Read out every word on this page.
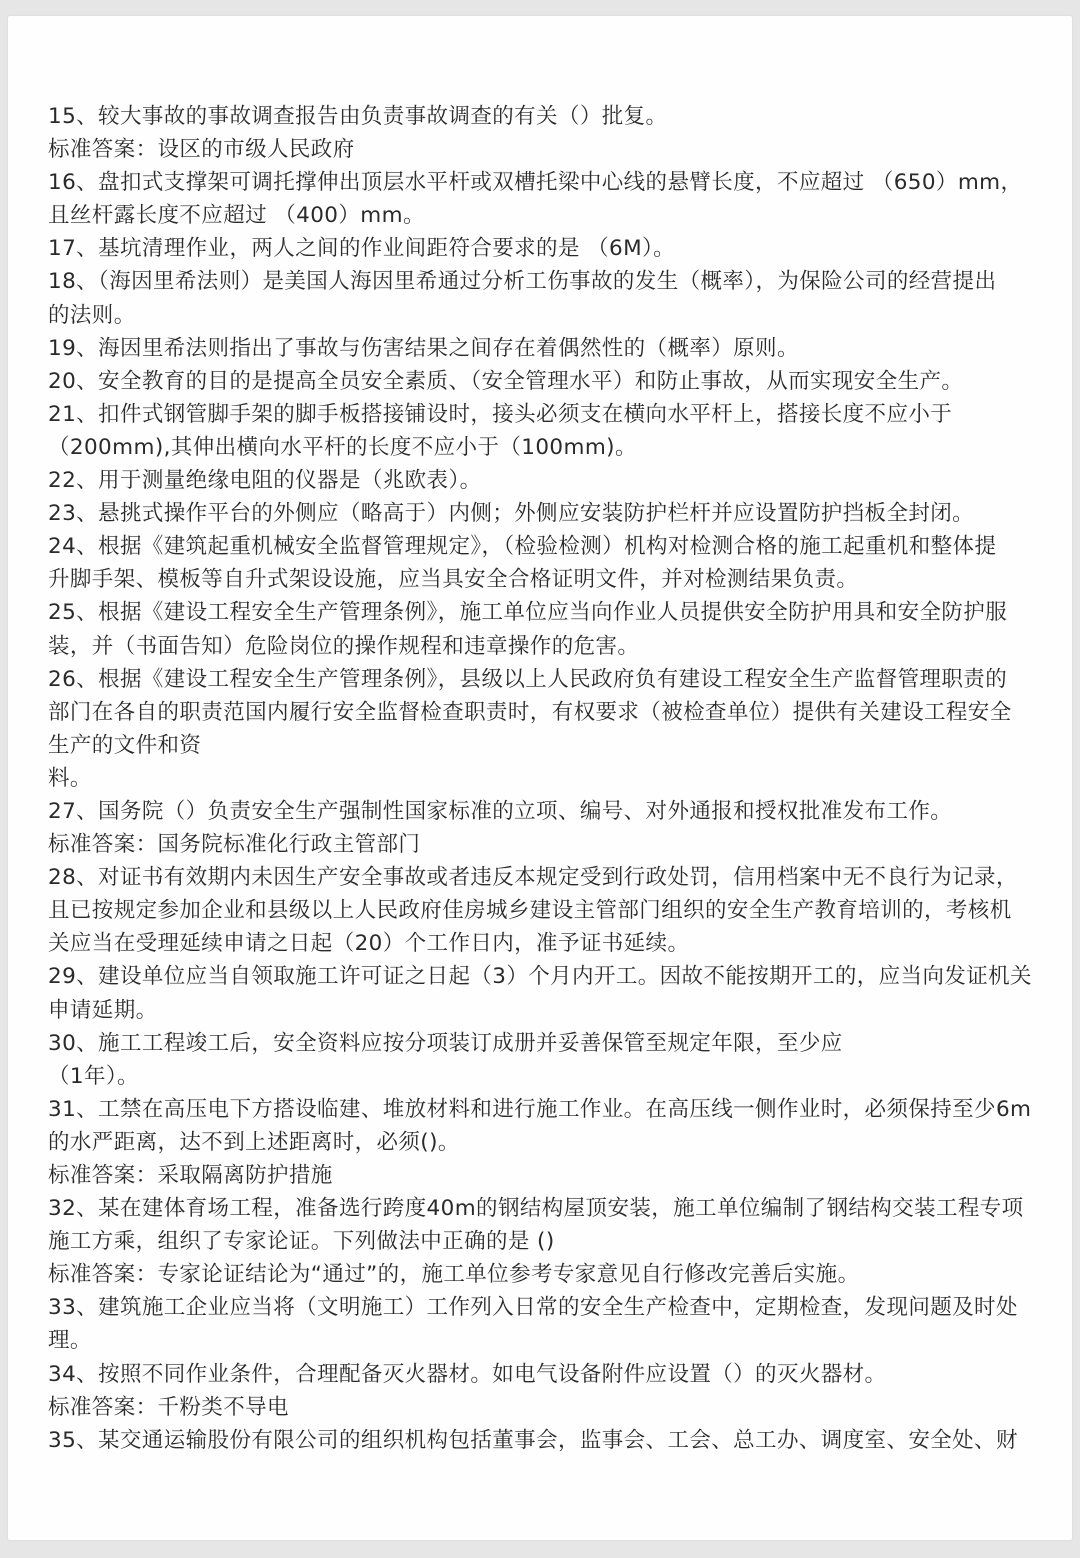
15、较大事故的事故调查报告由负责事故调查的有关（）批复。
标准答案：设区的市级人民政府
16、盘扣式支撑架可调托撑伸出顶层水平杆或双槽托梁中心线的悬臂长度，不应超过 （650）mm，
且丝杆露长度不应超过 （400）mm。
17、基坑清理作业，两人之间的作业间距符合要求的是 （6M）。
18、（海因里希法则）是美国人海因里希通过分析工伤事故的发生（概率），为保险公司的经营提出
的法则。
19、海因里希法则指出了事故与伤害结果之间存在着偶然性的（概率）原则。
20、安全教育的目的是提高全员安全素质、（安全管理水平）和防止事故，从而实现安全生产。
21、扣件式钢管脚手架的脚手板搭接铺设时，接头必须支在横向水平杆上，搭接长度不应小于
（200mm),其伸出横向水平杆的长度不应小于（100mm)。
22、用于测量绝缘电阻的仪器是（兆欧表）。
23、悬挑式操作平台的外侧应（略高于）内侧；外侧应安装防护栏杆并应设置防护挡板全封闭。
24、根据《建筑起重机械安全监督管理规定》，（检验检测）机构对检测合格的施工起重机和整体提
升脚手架、模板等自升式架设设施，应当具安全合格证明文件，并对检测结果负责。
25、根据《建设工程安全生产管理条例》，施工单位应当向作业人员提供安全防护用具和安全防护服
装，并（书面告知）危险岗位的操作规程和违章操作的危害。
26、根据《建设工程安全生产管理条例》，县级以上人民政府负有建设工程安全生产监督管理职责的
部门在各自的职责范国内履行安全监督检查职责时，有权要求（被检查单位）提供有关建设工程安全
生产的文件和资
料。
27、国务院（）负责安全生产强制性国家标准的立项、编号、对外通报和授权批准发布工作。
标准答案：国务院标准化行政主管部门
28、对证书有效期内未因生产安全事故或者违反本规定受到行政处罚，信用档案中无不良行为记录，
且已按规定参加企业和县级以上人民政府佳房城乡建设主管部门组织的安全生产教育培训的，考核机
关应当在受理延续申请之日起（20）个工作日内，准予证书延续。
29、建设单位应当自领取施工许可证之日起（3）个月内开工。因故不能按期开工的，应当向发证机关
申请延期。
30、施工工程竣工后，安全资料应按分项装订成册并妥善保管至规定年限，至少应
（1年）。
31、工禁在高压电下方搭设临建、堆放材料和进行施工作业。在高压线一侧作业时，必须保持至少6m
的水严距离，达不到上述距离时，必须()。
标准答案：采取隔离防护措施
32、某在建体育场工程，准备选行跨度40m的钢结构屋顶安装，施工单位编制了钢结构交装工程专项
施工方乘，组织了专家论证。下列做法中正确的是 ()
标准答案：专家论证结论为“通过”的，施工单位参考专家意见自行修改完善后实施。
33、建筑施工企业应当将（文明施工）工作列入日常的安全生产检查中，定期检查，发现问题及时处
理。
34、按照不同作业条件，合理配备灭火器材。如电气设备附件应设置（）的灭火器材。
标准答案：千粉类不导电
35、某交通运输股份有限公司的组织机构包括董事会，监事会、工会、总工办、调度室、安全处、财
